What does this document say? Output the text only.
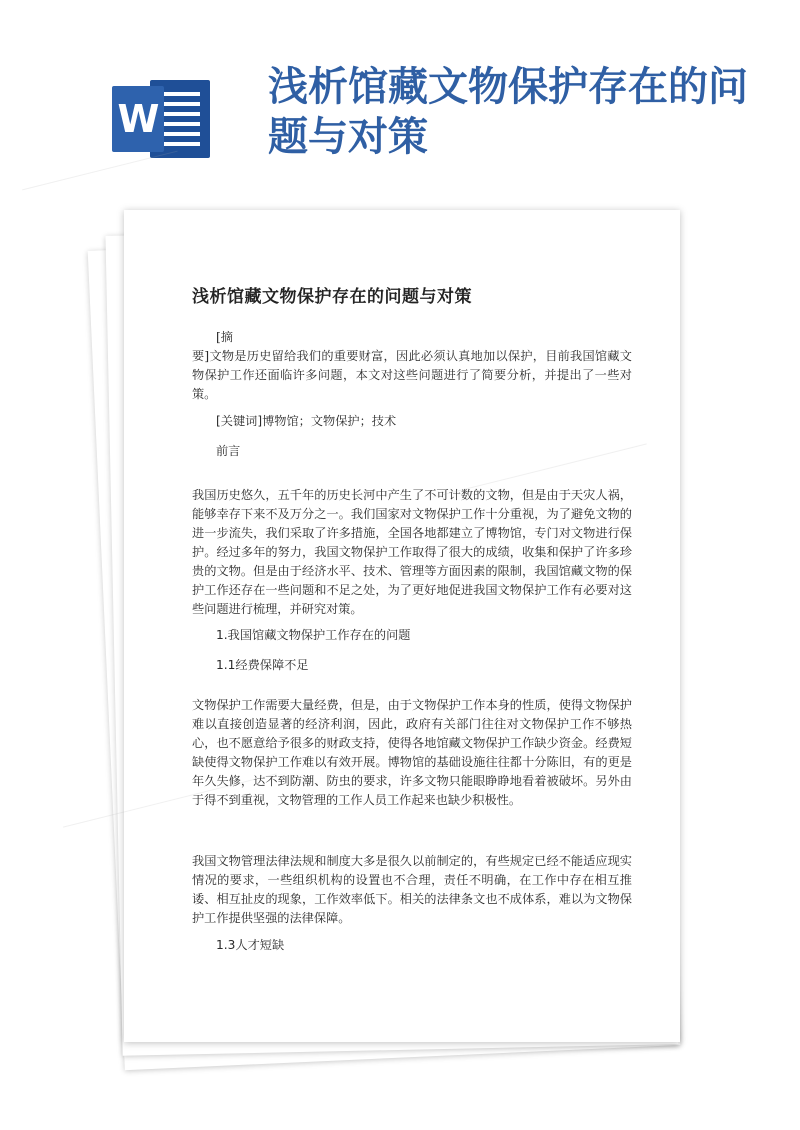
W
浅析馆藏文物保护存在的问题与对策
浅析馆藏文物保护存在的问题与对策

[摘

要]文物是历史留给我们的重要财富，因此必须认真地加以保护，目前我国馆藏文物保护工作还面临许多问题，本文对这些问题进行了简要分析，并提出了一些对策。

[关键词]博物馆；文物保护；技术

前言

我国历史悠久，五千年的历史长河中产生了不可计数的文物，但是由于天灾人祸，能够幸存下来不及万分之一。我们国家对文物保护工作十分重视，为了避免文物的进一步流失，我们采取了许多措施，全国各地都建立了博物馆，专门对文物进行保护。经过多年的努力，我国文物保护工作取得了很大的成绩，收集和保护了许多珍贵的文物。但是由于经济水平、技术、管理等方面因素的限制，我国馆藏文物的保护工作还存在一些问题和不足之处，为了更好地促进我国文物保护工作有必要对这些问题进行梳理，并研究对策。

1.我国馆藏文物保护工作存在的问题

1.1经费保障不足

文物保护工作需要大量经费，但是，由于文物保护工作本身的性质，使得文物保护难以直接创造显著的经济利润，因此，政府有关部门往往对文物保护工作不够热心，也不愿意给予很多的财政支持，使得各地馆藏文物保护工作缺少资金。经费短缺使得文物保护工作难以有效开展。博物馆的基础设施往往都十分陈旧，有的更是年久失修，达不到防潮、防虫的要求，许多文物只能眼睁睁地看着被破坏。另外由于得不到重视，文物管理的工作人员工作起来也缺少积极性。

我国文物管理法律法规和制度大多是很久以前制定的，有些规定已经不能适应现实情况的要求，一些组织机构的设置也不合理，责任不明确，在工作中存在相互推诿、相互扯皮的现象，工作效率低下。相关的法律条文也不成体系，难以为文物保护工作提供坚强的法律保障。

1.3人才短缺
